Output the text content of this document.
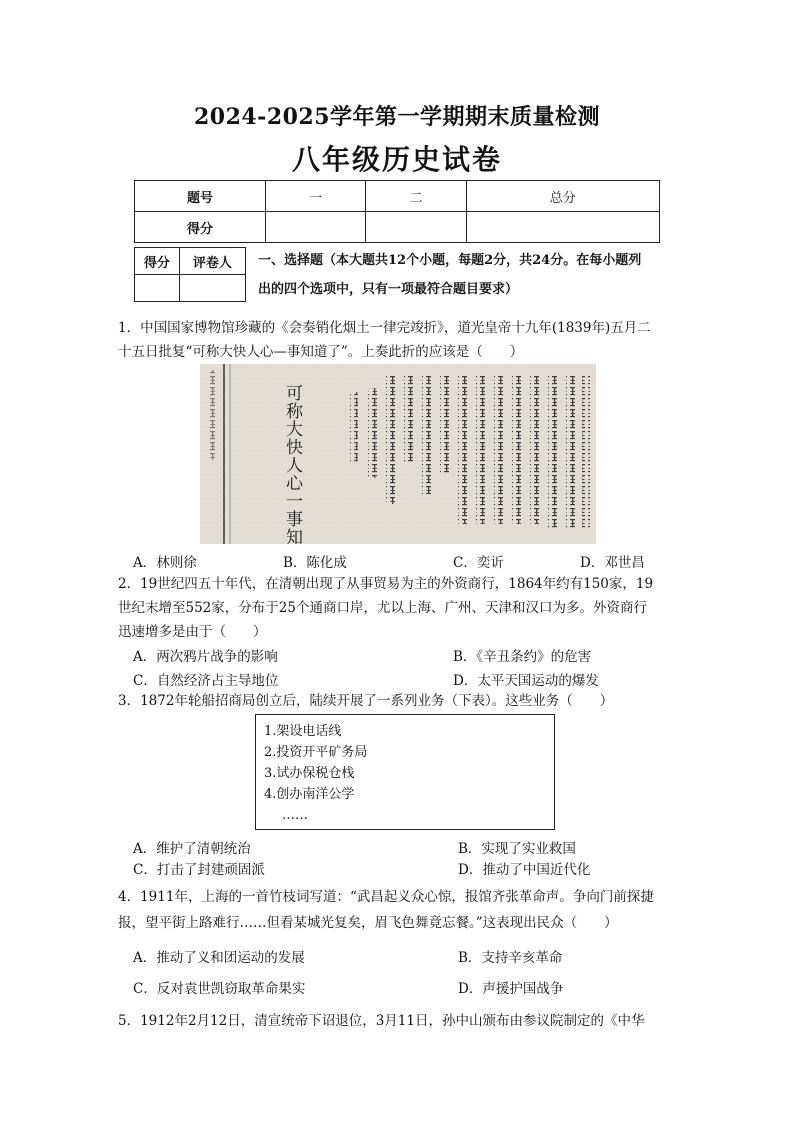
2024-2025学年第一学期期末质量检测
八年级历史试卷
题号	一	二	总分
得分			
得分	评卷人
	一、选择题（本大题共12个小题，每题2分，共24分。在每小题列
出的四个选项中，只有一项最符合题目要求）
1．中国国家博物馆珍藏的《会奏销化烟土一律完竣折》，道光皇帝十九年(1839年)五月二
十五日批复“可称大快人心—事知道了”。上奏此折的应该是（　　）
可称大快人心一事知道了
A．林则徐	B．陈化成	C．奕䜣	D．邓世昌
2．19世纪四五十年代，在清朝出现了从事贸易为主的外资商行，1864年约有150家，19
世纪末增至552家，分布于25个通商口岸，尤以上海、广州、天津和汉口为多。外资商行
迅速增多是由于（　　）
A．两次鸦片战争的影响	B．《辛丑条约》的危害
C．自然经济占主导地位	D．太平天国运动的爆发
3．1872年轮船招商局创立后，陆续开展了一系列业务（下表）。这些业务（　　）
1.架设电话线
2.投资开平矿务局
3.试办保税仓栈
4.创办南洋公学
……
A．维护了清朝统治	B．实现了实业救国
C．打击了封建顽固派	D．推动了中国近代化
4．1911年，上海的一首竹枝词写道：“武昌起义众心惊，报馆齐张革命声。争向门前探捷
报，望平街上路难行……但看某城光复矣，眉飞色舞竟忘餐。”这表现出民众（　　）
A．推动了义和团运动的发展	B．支持辛亥革命
C．反对袁世凯窃取革命果实	D．声援护国战争
5．1912年2月12日，清宣统帝下诏退位，3月11日，孙中山颁布由参议院制定的《中华
